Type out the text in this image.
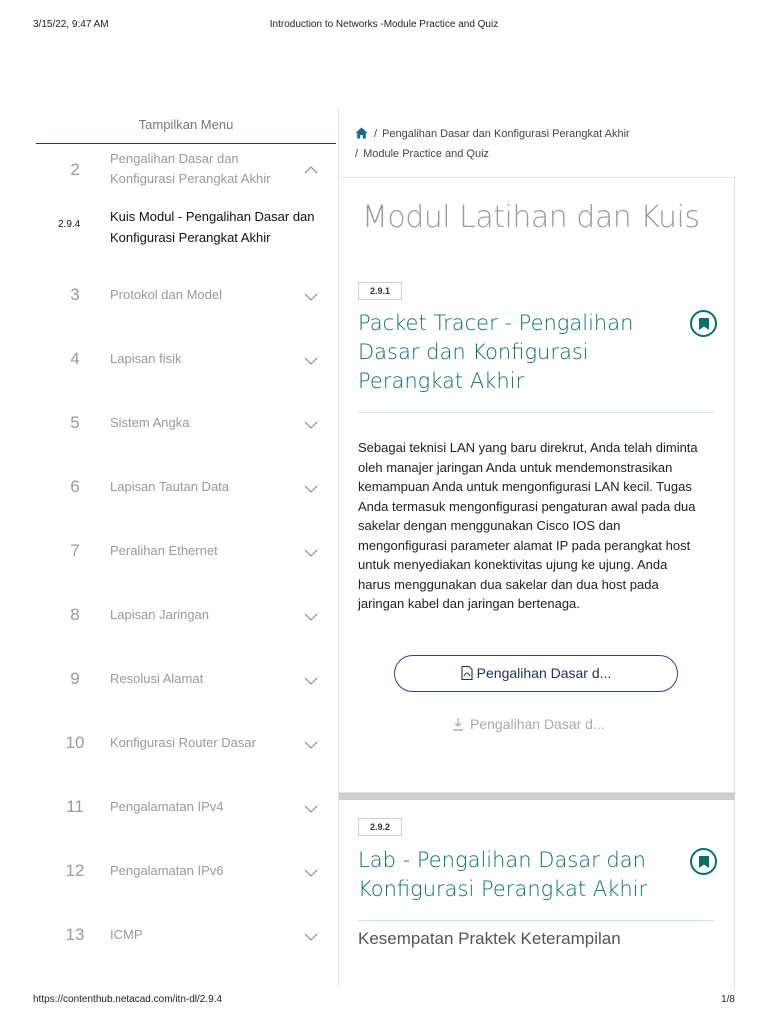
3/15/22, 9:47 AM	Introduction to Networks -Module Practice and Quiz
Tampilkan Menu
2
Pengalihan Dasar dan Konfigurasi Perangkat Akhir
2.9.4
Kuis Modul - Pengalihan Dasar dan Konfigurasi Perangkat Akhir
3	Protokol dan Model
4	Lapisan fisik
5	Sistem Angka
6	Lapisan Tautan Data
7	Peralihan Ethernet
8	Lapisan Jaringan
9	Resolusi Alamat
10	Konfigurasi Router Dasar
11	Pengalamatan IPv4
12	Pengalamatan IPv6
13	ICMP
/ Pengalihan Dasar dan Konfigurasi Perangkat Akhir
/ Module Practice and Quiz
Modul Latihan dan Kuis
2.9.1
Packet Tracer - Pengalihan Dasar dan Konfigurasi Perangkat Akhir
Sebagai teknisi LAN yang baru direkrut, Anda telah diminta oleh manajer jaringan Anda untuk mendemonstrasikan kemampuan Anda untuk mengonfigurasi LAN kecil. Tugas Anda termasuk mengonfigurasi pengaturan awal pada dua sakelar dengan menggunakan Cisco IOS dan mengonfigurasi parameter alamat IP pada perangkat host untuk menyediakan konektivitas ujung ke ujung. Anda harus menggunakan dua sakelar dan dua host pada jaringan kabel dan jaringan bertenaga.
Pengalihan Dasar d...
Pengalihan Dasar d...
2.9.2
Lab - Pengalihan Dasar dan Konfigurasi Perangkat Akhir
Kesempatan Praktek Keterampilan
https://contenthub.netacad.com/itn-dl/2.9.4	1/8
